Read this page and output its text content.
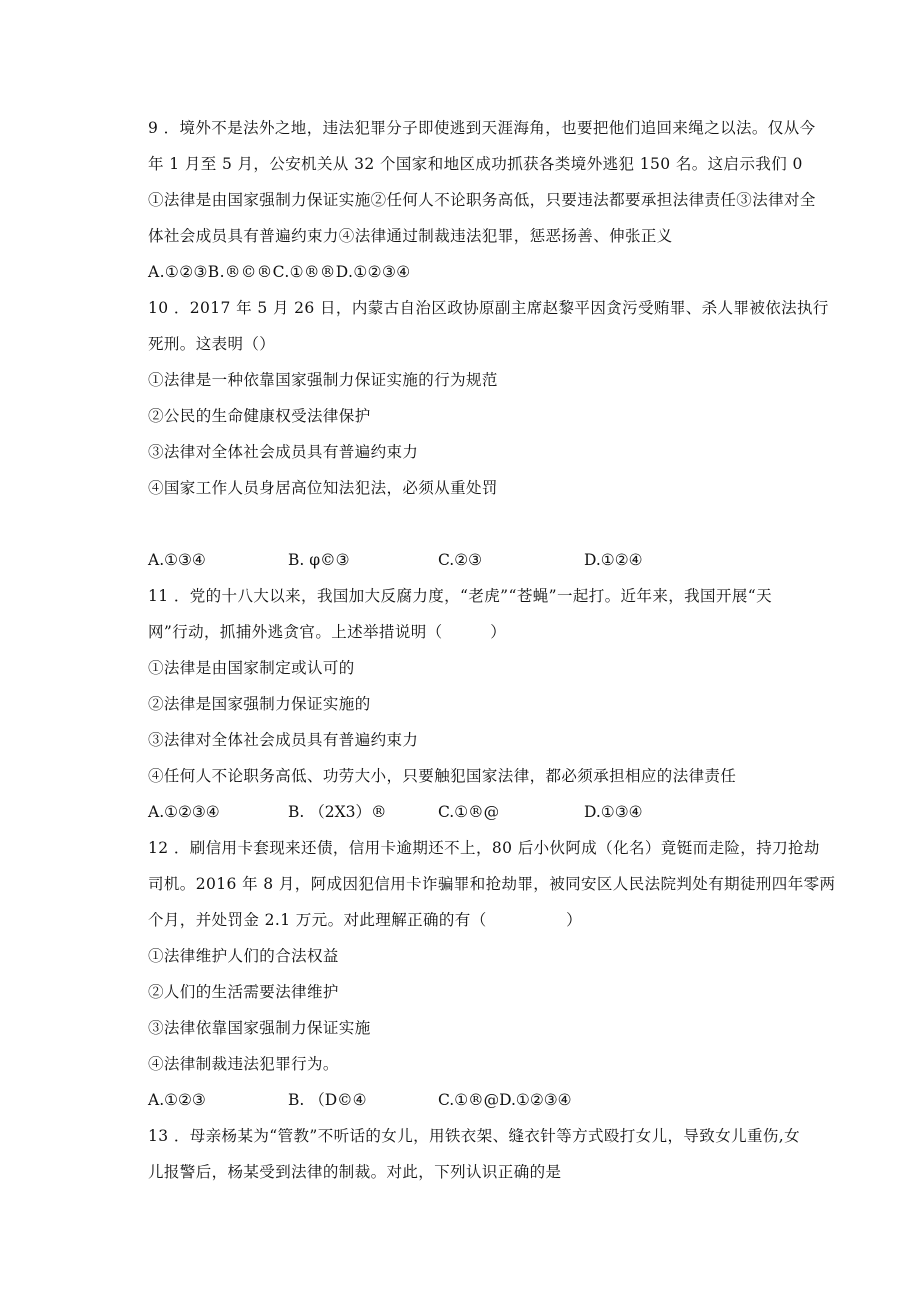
9 ．境外不是法外之地，违法犯罪分子即使逃到天涯海角，也要把他们追回来绳之以法。仅从今
年 1 月至 5 月，公安机关从 32 个国家和地区成功抓获各类境外逃犯 150 名。这启示我们 0
①法律是由国家强制力保证实施②任何人不论职务高低，只要违法都要承担法律责任③法律对全
体社会成员具有普遍约束力④法律通过制裁违法犯罪，惩恶扬善、伸张正义
A.①②③B.®©®C.①®®D.①②③④
10 ．2017 年 5 月 26 日，内蒙古自治区政协原副主席赵黎平因贪污受贿罪、杀人罪被依法执行
死刑。这表明（）
①法律是一种依靠国家强制力保证实施的行为规范
②公民的生命健康权受法律保护
③法律对全体社会成员具有普遍约束力
④国家工作人员身居高位知法犯法，必须从重处罚
A.①③④	B. φ©③	C.②③	D.①②④
11 ．党的十八大以来，我国加大反腐力度，“老虎”“苍蝇”一起打。近年来，我国开展“天
网”行动，抓捕外逃贪官。上述举措说明（　　　）
①法律是由国家制定或认可的
②法律是国家强制力保证实施的
③法律对全体社会成员具有普遍约束力
④任何人不论职务高低、功劳大小，只要触犯国家法律，都必须承担相应的法律责任
A.①②③④	B. （2X3）®	C.①®@	D.①③④
12 ．刷信用卡套现来还债，信用卡逾期还不上，80 后小伙阿成（化名）竟铤而走险，持刀抢劫
司机。2016 年 8 月，阿成因犯信用卡诈骗罪和抢劫罪，被同安区人民法院判处有期徒刑四年零两
个月，并处罚金 2.1 万元。对此理解正确的有（　　　　　）
①法律维护人们的合法权益
②人们的生活需要法律维护
③法律依靠国家强制力保证实施
④法律制裁违法犯罪行为。
A.①②③	B. （D©④	C.①®@D.①②③④
13 ．母亲杨某为“管教”不听话的女儿，用铁衣架、缝衣针等方式殴打女儿，导致女儿重伤,女
儿报警后，杨某受到法律的制裁。对此，下列认识正确的是
